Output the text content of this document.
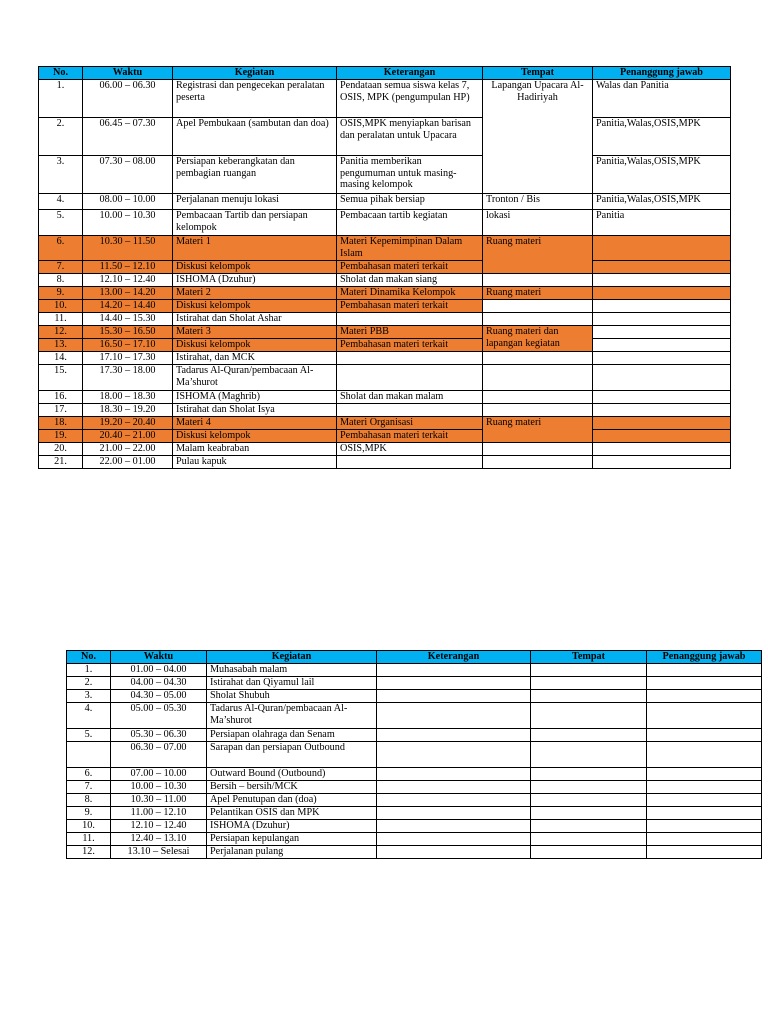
No.	Waktu	Kegiatan	Keterangan	Tempat	Penanggung jawab
1.	06.00 – 06.30	Registrasi dan pengecekan peralatan peserta	Pendataan semua siswa kelas 7, OSIS, MPK (pengumpulan HP)	Lapangan Upacara Al-Hadiriyah	Walas dan Panitia
2.	06.45 – 07.30	Apel Pembukaan (sambutan dan doa)	OSIS,MPK menyiapkan barisan dan peralatan untuk Upacara		Panitia,Walas,OSIS,MPK
3.	07.30 – 08.00	Persiapan keberangkatan dan pembagian ruangan	Panitia memberikan pengumuman untuk masing-masing kelompok		Panitia,Walas,OSIS,MPK
4.	08.00 – 10.00	Perjalanan menuju lokasi	Semua pihak bersiap	Tronton / Bis	Panitia,Walas,OSIS,MPK
5.	10.00 – 10.30	Pembacaan Tartib dan persiapan kelompok	Pembacaan tartib kegiatan	lokasi	Panitia
6.	10.30 – 11.50	Materi 1	Materi Kepemimpinan Dalam Islam	Ruang materi	
7.	11.50 – 12.10	Diskusi kelompok	Pembahasan materi terkait		
8.	12.10 – 12.40	ISHOMA (Dzuhur)	Sholat dan makan siang		
9.	13.00 – 14.20	Materi 2	Materi Dinamika Kelompok	Ruang materi	
10.	14.20 – 14.40	Diskusi kelompok	Pembahasan materi terkait		
11.	14.40 – 15.30	Istirahat dan Sholat Ashar			
12.	15.30 – 16.50	Materi 3	Materi PBB	Ruang materi dan lapangan kegiatan	
13.	16.50 – 17.10	Diskusi kelompok	Pembahasan materi terkait		
14.	17.10 – 17.30	Istirahat, dan MCK			
15.	17.30 – 18.00	Tadarus Al-Quran/pembacaan Al-Ma’shurot			
16.	18.00 – 18.30	ISHOMA (Maghrib)	Sholat dan makan malam		
17.	18.30 – 19.20	Istirahat dan Sholat Isya			
18.	19.20 – 20.40	Materi 4	Materi Organisasi	Ruang materi	
19.	20.40 – 21.00	Diskusi kelompok	Pembahasan materi terkait		
20.	21.00 – 22.00	Malam keabraban	OSIS,MPK		
21.	22.00 – 01.00	Pulau kapuk			
No.	Waktu	Kegiatan	Keterangan	Tempat	Penanggung jawab
1.	01.00 – 04.00	Muhasabah malam			
2.	04.00 – 04.30	Istirahat dan Qiyamul lail			
3.	04.30 – 05.00	Sholat Shubuh			
4.	05.00 – 05.30	Tadarus Al-Quran/pembacaan Al-Ma’shurot			
5.	05.30 – 06.30	Persiapan olahraga dan Senam			
	06.30 – 07.00	Sarapan dan persiapan Outbound			
6.	07.00 – 10.00	Outward Bound (Outbound)			
7.	10.00 – 10.30	Bersih – bersih/MCK			
8.	10.30 – 11.00	Apel Penutupan dan (doa)			
9.	11.00 – 12.10	Pelantikan OSIS dan MPK			
10.	12.10 – 12.40	ISHOMA (Dzuhur)			
11.	12.40 – 13.10	Persiapan kepulangan			
12.	13.10 – Selesai	Perjalanan pulang			
